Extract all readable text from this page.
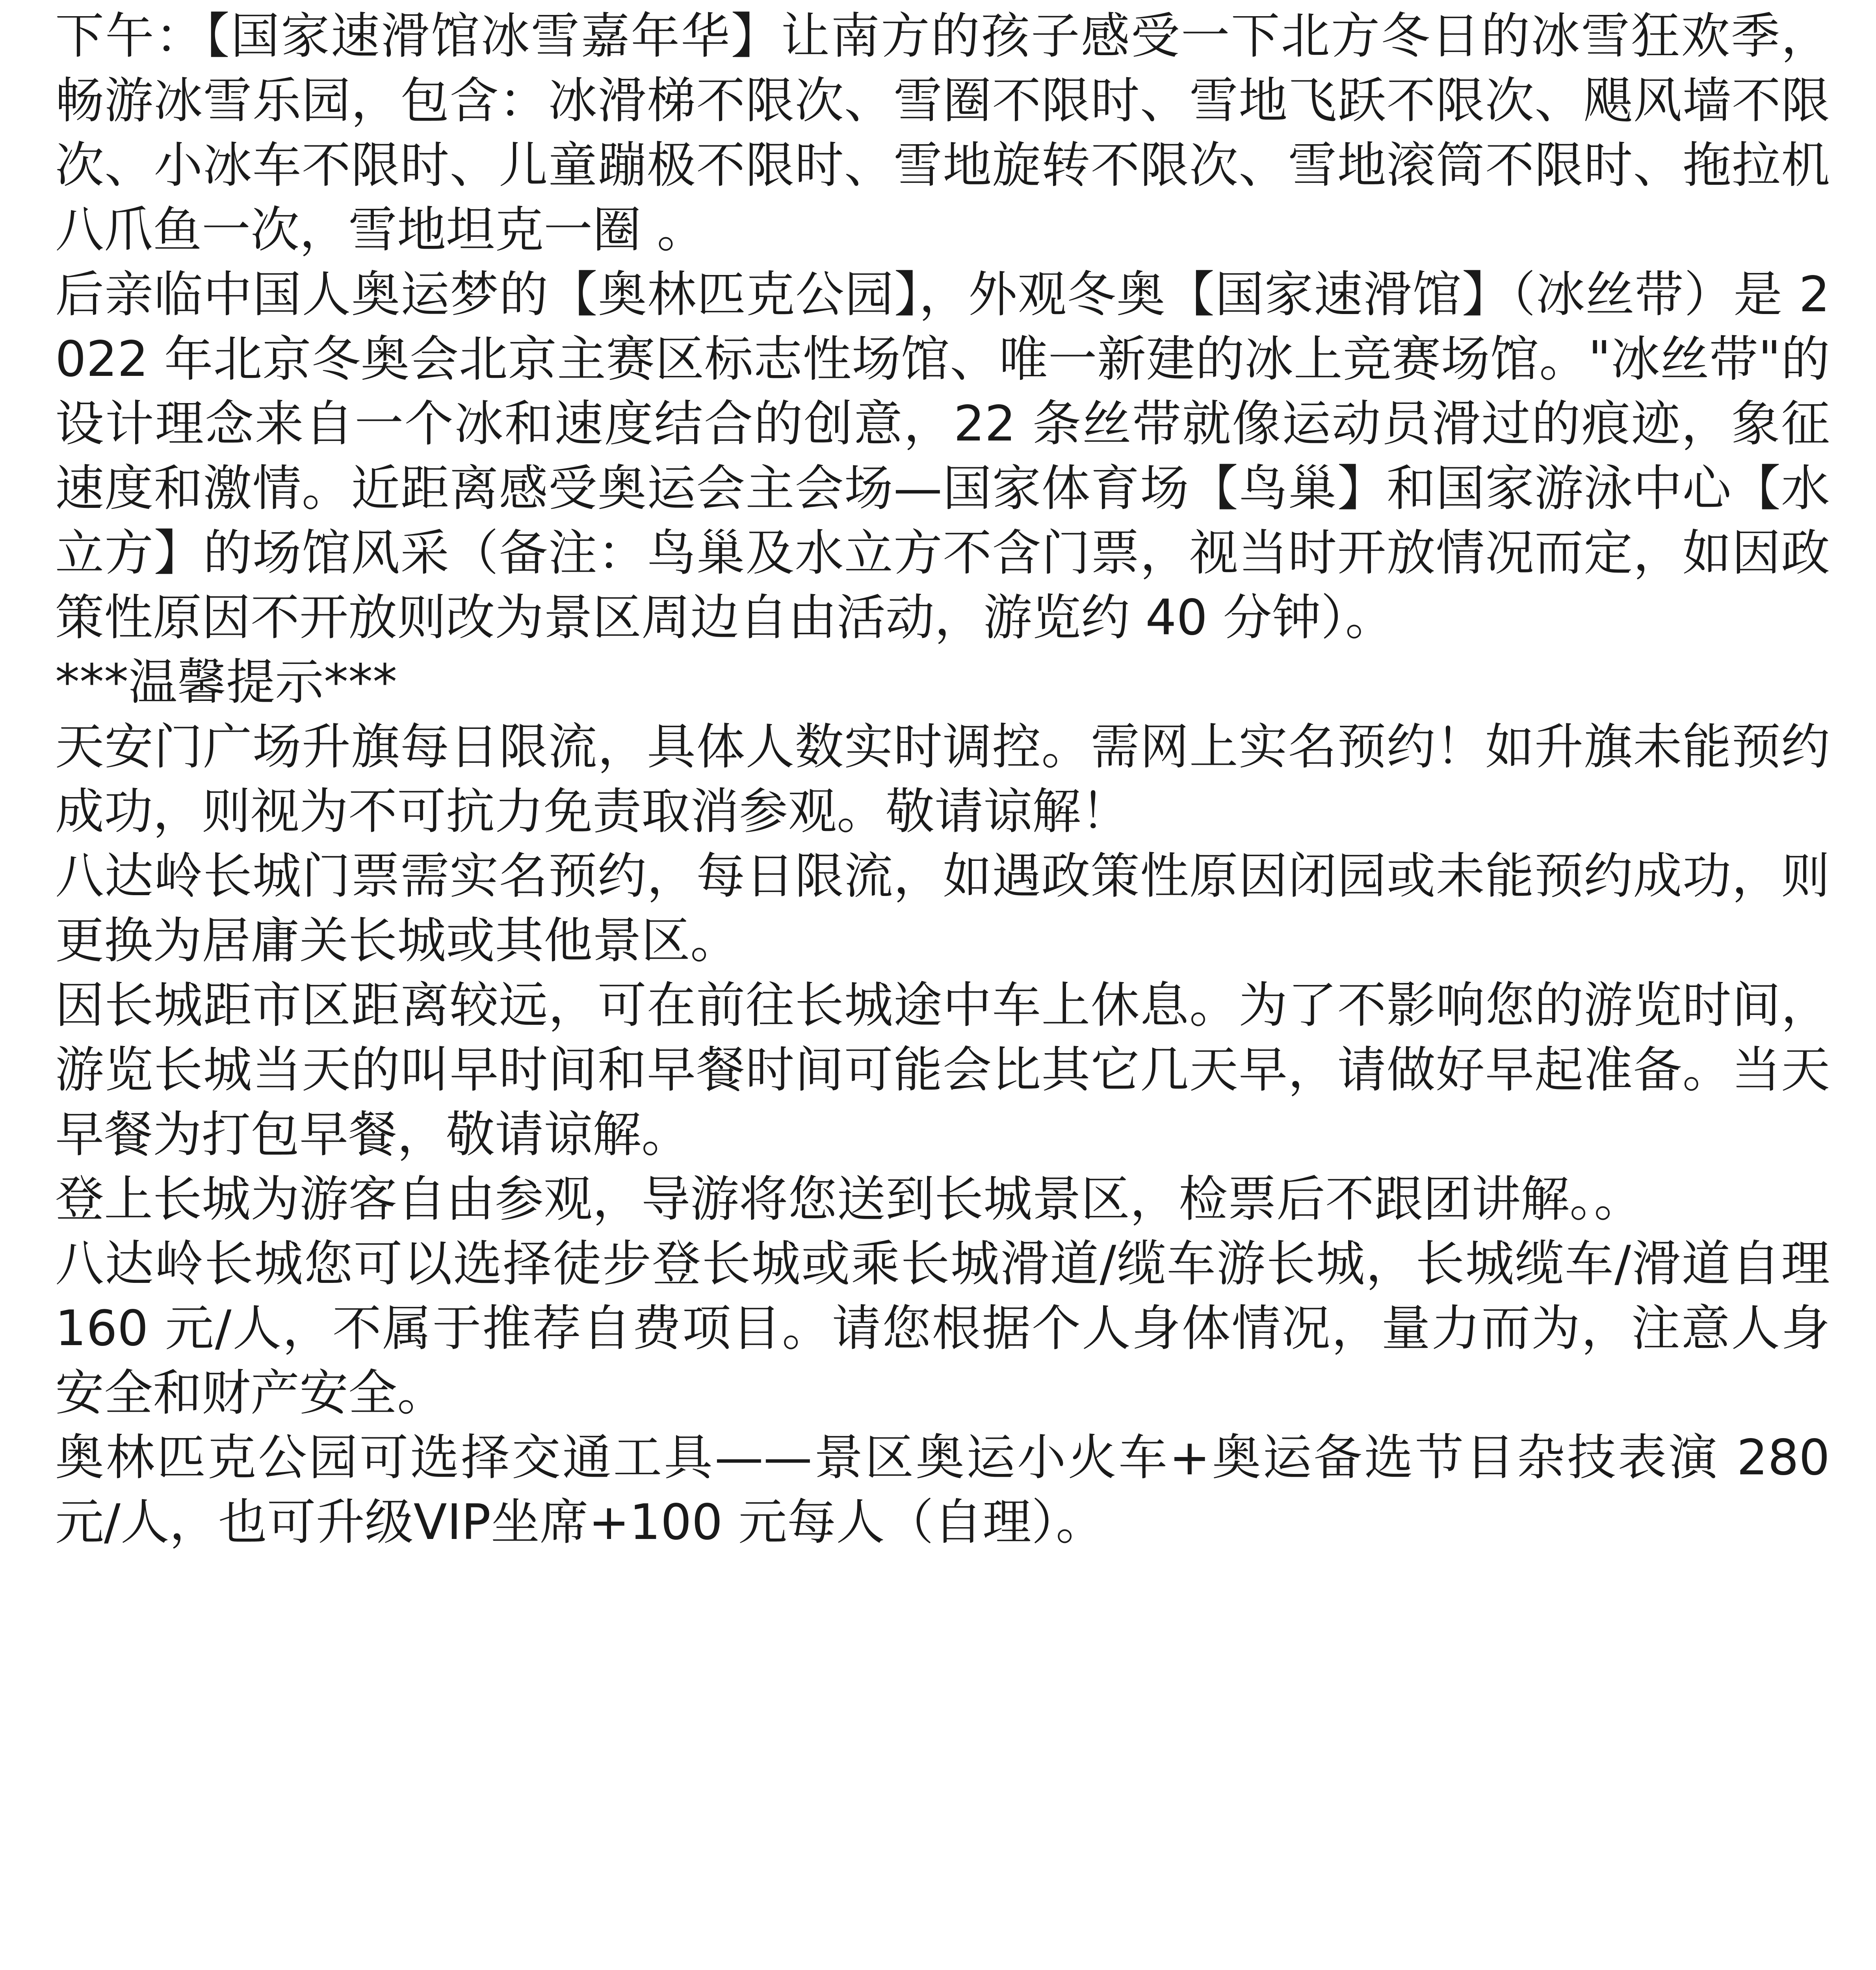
下午：【国家速滑馆冰雪嘉年华】让南方的孩子感受一下北方冬日的冰雪狂欢季，畅游冰雪乐园，包含：冰滑梯不限次、雪圈不限时、雪地飞跃不限次、飓风墙不限次、小冰车不限时、儿童蹦极不限时、雪地旋转不限次、雪地滚筒不限时、拖拉机八爪鱼一次，雪地坦克一圈 。

后亲临中国人奥运梦的【奥林匹克公园】，外观冬奥【国家速滑馆】（冰丝带）是 2022 年北京冬奥会北京主赛区标志性场馆、唯一新建的冰上竞赛场馆。"冰丝带"的设计理念来自一个冰和速度结合的创意，22 条丝带就像运动员滑过的痕迹，象征速度和激情。近距离感受奥运会主会场—国家体育场【鸟巢】和国家游泳中心【水立方】的场馆风采（备注：鸟巢及水立方不含门票，视当时开放情况而定，如因政策性原因不开放则改为景区周边自由活动，游览约 40 分钟）。

***温馨提示***

天安门广场升旗每日限流，具体人数实时调控。需网上实名预约！如升旗未能预约成功，则视为不可抗力免责取消参观。敬请谅解！

八达岭长城门票需实名预约，每日限流，如遇政策性原因闭园或未能预约成功，则更换为居庸关长城或其他景区。

因长城距市区距离较远，可在前往长城途中车上休息。为了不影响您的游览时间，游览长城当天的叫早时间和早餐时间可能会比其它几天早，请做好早起准备。当天早餐为打包早餐，敬请谅解。

登上长城为游客自由参观，导游将您送到长城景区，检票后不跟团讲解。。

八达岭长城您可以选择徒步登长城或乘长城滑道/缆车游长城，长城缆车/滑道自理 160 元/人，不属于推荐自费项目。请您根据个人身体情况，量力而为，注意人身安全和财产安全。

奥林匹克公园可选择交通工具——景区奥运小火车+奥运备选节目杂技表演 280 元/人，也可升级VIP坐席+100 元每人（自理）。
